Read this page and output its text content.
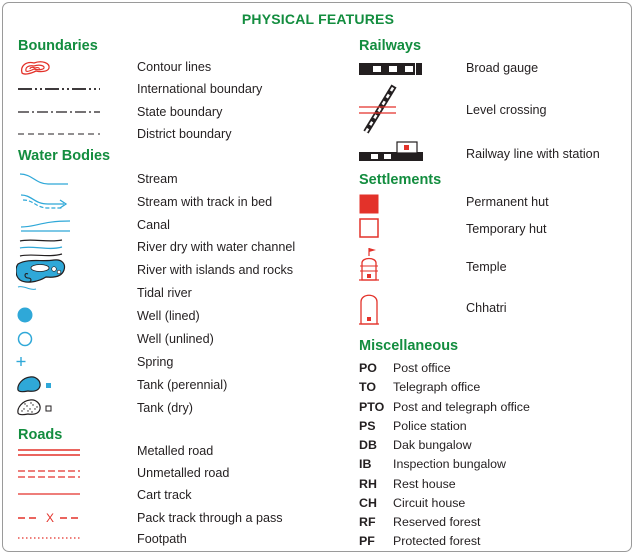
PHYSICAL FEATURES
Boundaries
Contour lines
International boundary
State boundary
District boundary
Water Bodies
Stream
Stream with track in bed
Canal
River dry with water channel
River with islands and rocks
Tidal river
Well (lined)
Well (unlined)
Spring
Tank (perennial)
Tank (dry)
Roads
Metalled road
Unmetalled road
Cart track
X	Pack track through a pass
Footpath
Railways
Broad gauge
Level crossing
Railway line with station
Settlements
Permanent hut
Temporary hut
Temple
Chhatri
Miscellaneous
PO Post office
TO Telegraph office
PTO Post and telegraph office
PS Police station
DB Dak bungalow
IB Inspection bungalow
RH Rest house
CH Circuit house
RF Reserved forest
PF Protected forest
